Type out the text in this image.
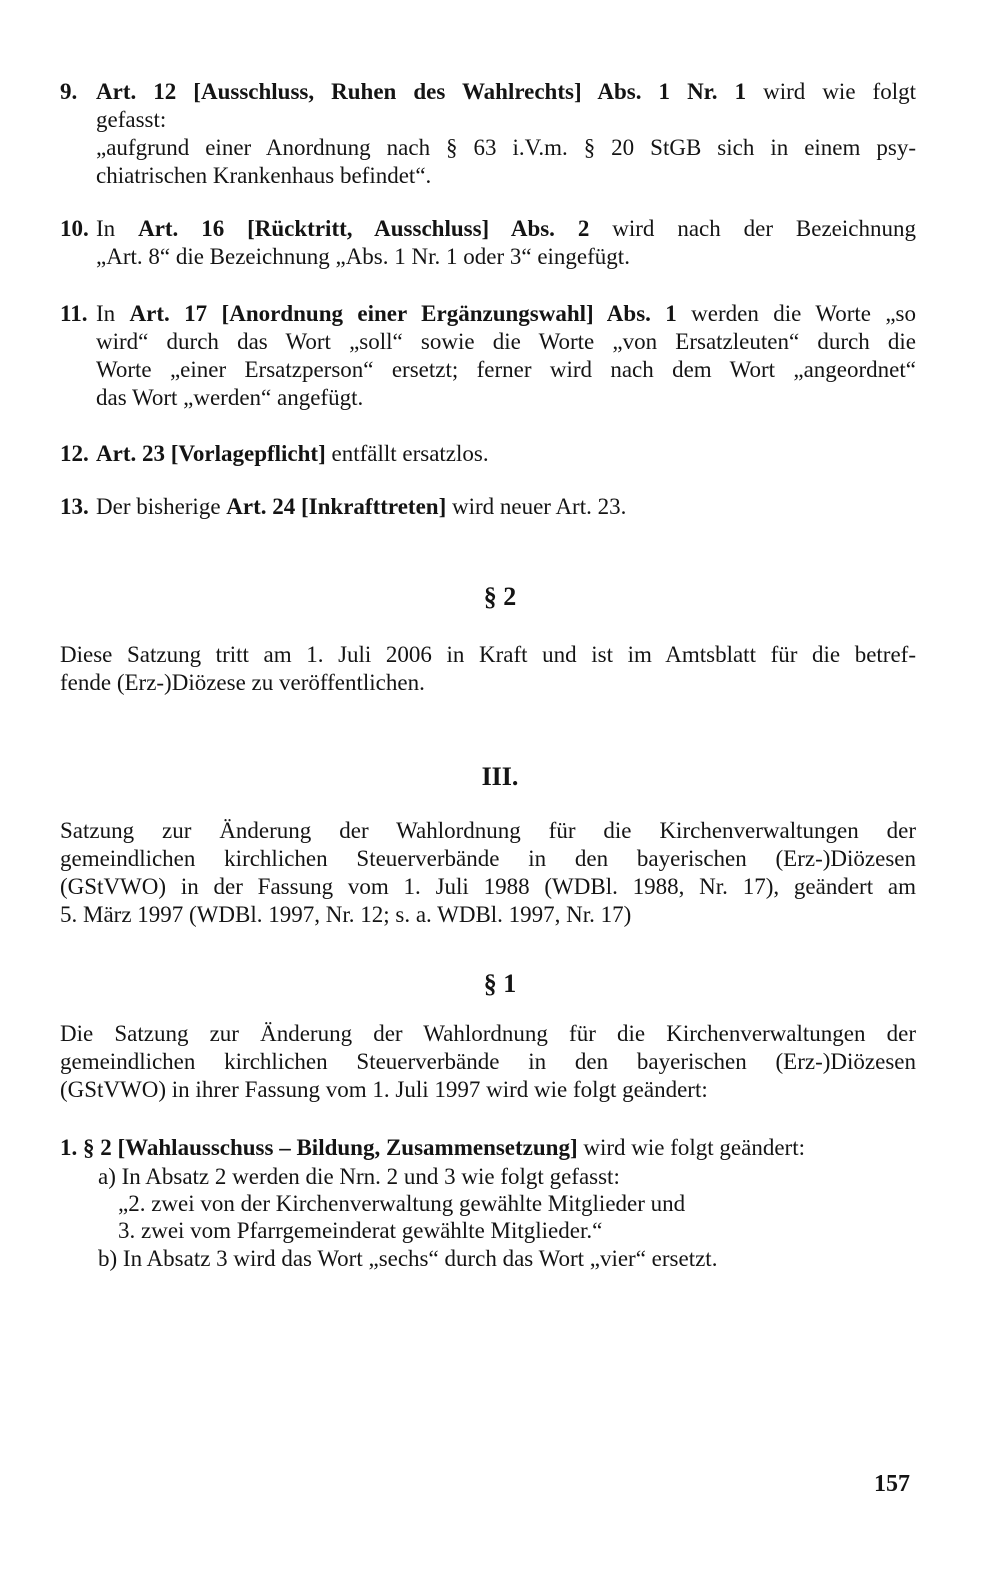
9. Art. 12 [Ausschluss, Ruhen des Wahlrechts] Abs. 1 Nr. 1 wird wie folgt
gefasst:
„aufgrund einer Anordnung nach § 63 i.V.m. § 20 StGB sich in einem psy-
chiatrischen Krankenhaus befindet“.
10. In Art. 16 [Rücktritt, Ausschluss] Abs. 2 wird nach der Bezeichnung
„Art. 8“ die Bezeichnung „Abs. 1 Nr. 1 oder 3“ eingefügt.
11. In Art. 17 [Anordnung einer Ergänzungswahl] Abs. 1 werden die Worte „so
wird“ durch das Wort „soll“ sowie die Worte „von Ersatzleuten“ durch die
Worte „einer Ersatzperson“ ersetzt; ferner wird nach dem Wort „angeordnet“
das Wort „werden“ angefügt.
12. Art. 23 [Vorlagepflicht] entfällt ersatzlos.
13. Der bisherige Art. 24 [Inkrafttreten] wird neuer Art. 23.
§ 2
Diese Satzung tritt am 1. Juli 2006 in Kraft und ist im Amtsblatt für die betref-
fende (Erz-)Diözese zu veröffentlichen.
III.
Satzung zur Änderung der Wahlordnung für die Kirchenverwaltungen der
gemeindlichen kirchlichen Steuerverbände in den bayerischen (Erz-)Diözesen
(GStVWO) in der Fassung vom 1. Juli 1988 (WDBl. 1988, Nr. 17), geändert am
5. März 1997 (WDBl. 1997, Nr. 12; s. a. WDBl. 1997, Nr. 17)
§ 1
Die Satzung zur Änderung der Wahlordnung für die Kirchenverwaltungen der
gemeindlichen kirchlichen Steuerverbände in den bayerischen (Erz-)Diözesen
(GStVWO) in ihrer Fassung vom 1. Juli 1997 wird wie folgt geändert:
1. § 2 [Wahlausschuss – Bildung, Zusammensetzung] wird wie folgt geändert:
a) In Absatz 2 werden die Nrn. 2 und 3 wie folgt gefasst:
„2. zwei von der Kirchenverwaltung gewählte Mitglieder und
3. zwei vom Pfarrgemeinderat gewählte Mitglieder.“
b) In Absatz 3 wird das Wort „sechs“ durch das Wort „vier“ ersetzt.
157
